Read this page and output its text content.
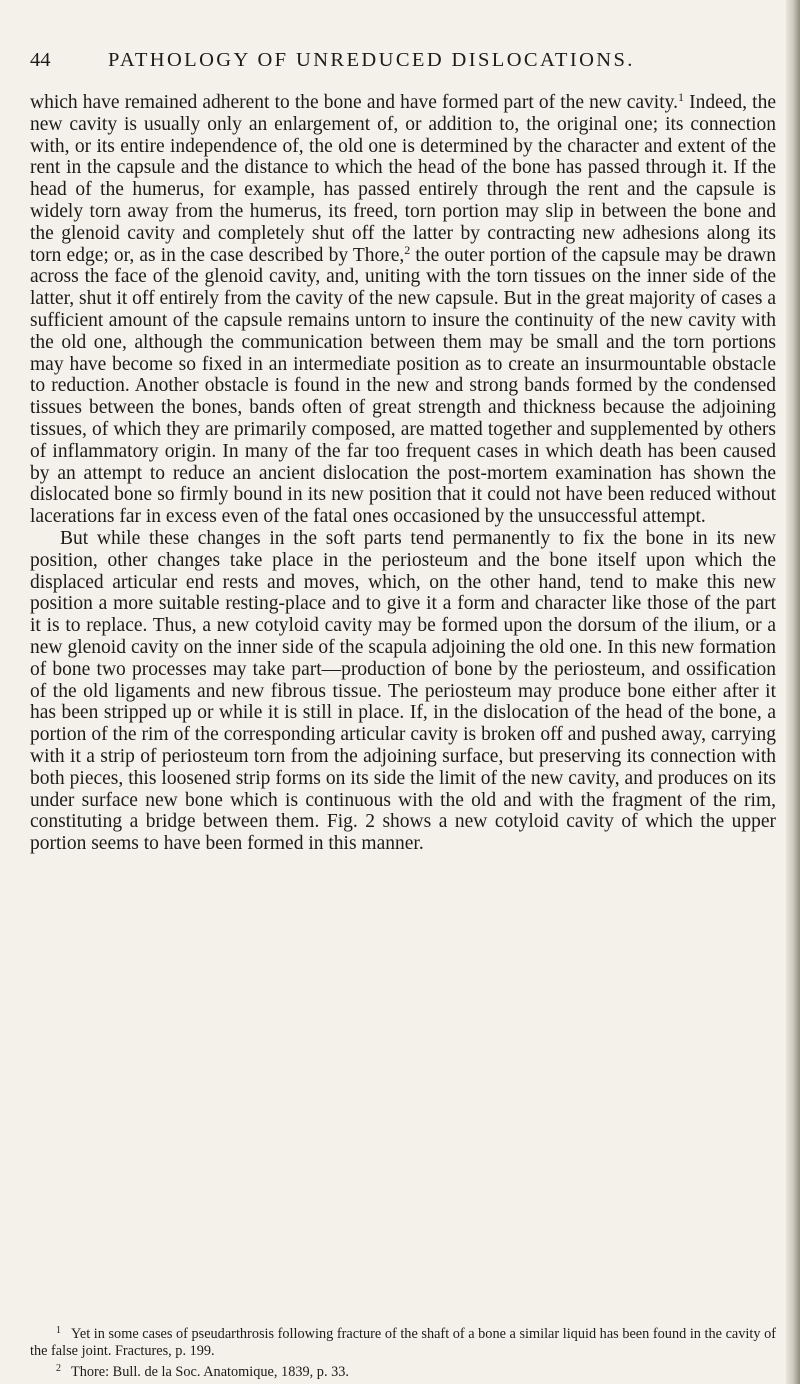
44	PATHOLOGY OF UNREDUCED DISLOCATIONS.

which have remained adherent to the bone and have formed part of the new cavity.$^1$ Indeed, the new cavity is usually only an enlargement of, or addition to, the original one; its connection with, or its entire independence of, the old one is determined by the character and extent of the rent in the capsule and the distance to which the head of the bone has passed through it. If the head of the humerus, for example, has passed entirely through the rent and the capsule is widely torn away from the humerus, its freed, torn portion may slip in between the bone and the glenoid cavity and completely shut off the latter by contracting new adhesions along its torn edge; or, as in the case described by Thore,$^2$ the outer portion of the capsule may be drawn across the face of the glenoid cavity, and, uniting with the torn tissues on the inner side of the latter, shut it off entirely from the cavity of the new capsule. But in the great majority of cases a sufficient amount of the capsule remains untorn to insure the continuity of the new cavity with the old one, although the communication between them may be small and the torn portions may have become so fixed in an intermediate position as to create an insurmountable obstacle to reduction. Another obstacle is found in the new and strong bands formed by the condensed tissues between the bones, bands often of great strength and thickness because the adjoining tissues, of which they are primarily composed, are matted together and supplemented by others of inflammatory origin. In many of the far too frequent cases in which death has been caused by an attempt to reduce an ancient dislocation the post-mortem examination has shown the dislocated bone so firmly bound in its new position that it could not have been reduced without lacerations far in excess even of the fatal ones occasioned by the unsuccessful attempt.

But while these changes in the soft parts tend permanently to fix the bone in its new position, other changes take place in the periosteum and the bone itself upon which the displaced articular end rests and moves, which, on the other hand, tend to make this new position a more suitable resting-place and to give it a form and character like those of the part it is to replace. Thus, a new cotyloid cavity may be formed upon the dorsum of the ilium, or a new glenoid cavity on the inner side of the scapula adjoining the old one. In this new formation of bone two processes may take part—production of bone by the periosteum, and ossification of the old ligaments and new fibrous tissue. The periosteum may produce bone either after it has been stripped up or while it is still in place. If, in the dislocation of the head of the bone, a portion of the rim of the corresponding articular cavity is broken off and pushed away, carrying with it a strip of periosteum torn from the adjoining surface, but preserving its connection with both pieces, this loosened strip forms on its side the limit of the new cavity, and produces on its under surface new bone which is continuous with the old and with the fragment of the rim, constituting a bridge between them. Fig. 2 shows a new cotyloid cavity of which the upper portion seems to have been formed in this manner.

$^1$ Yet in some cases of pseudarthrosis following fracture of the shaft of a bone a similar liquid has been found in the cavity of the false joint. Fractures, p. 199.

$^2$ Thore: Bull. de la Soc. Anatomique, 1839, p. 33.
